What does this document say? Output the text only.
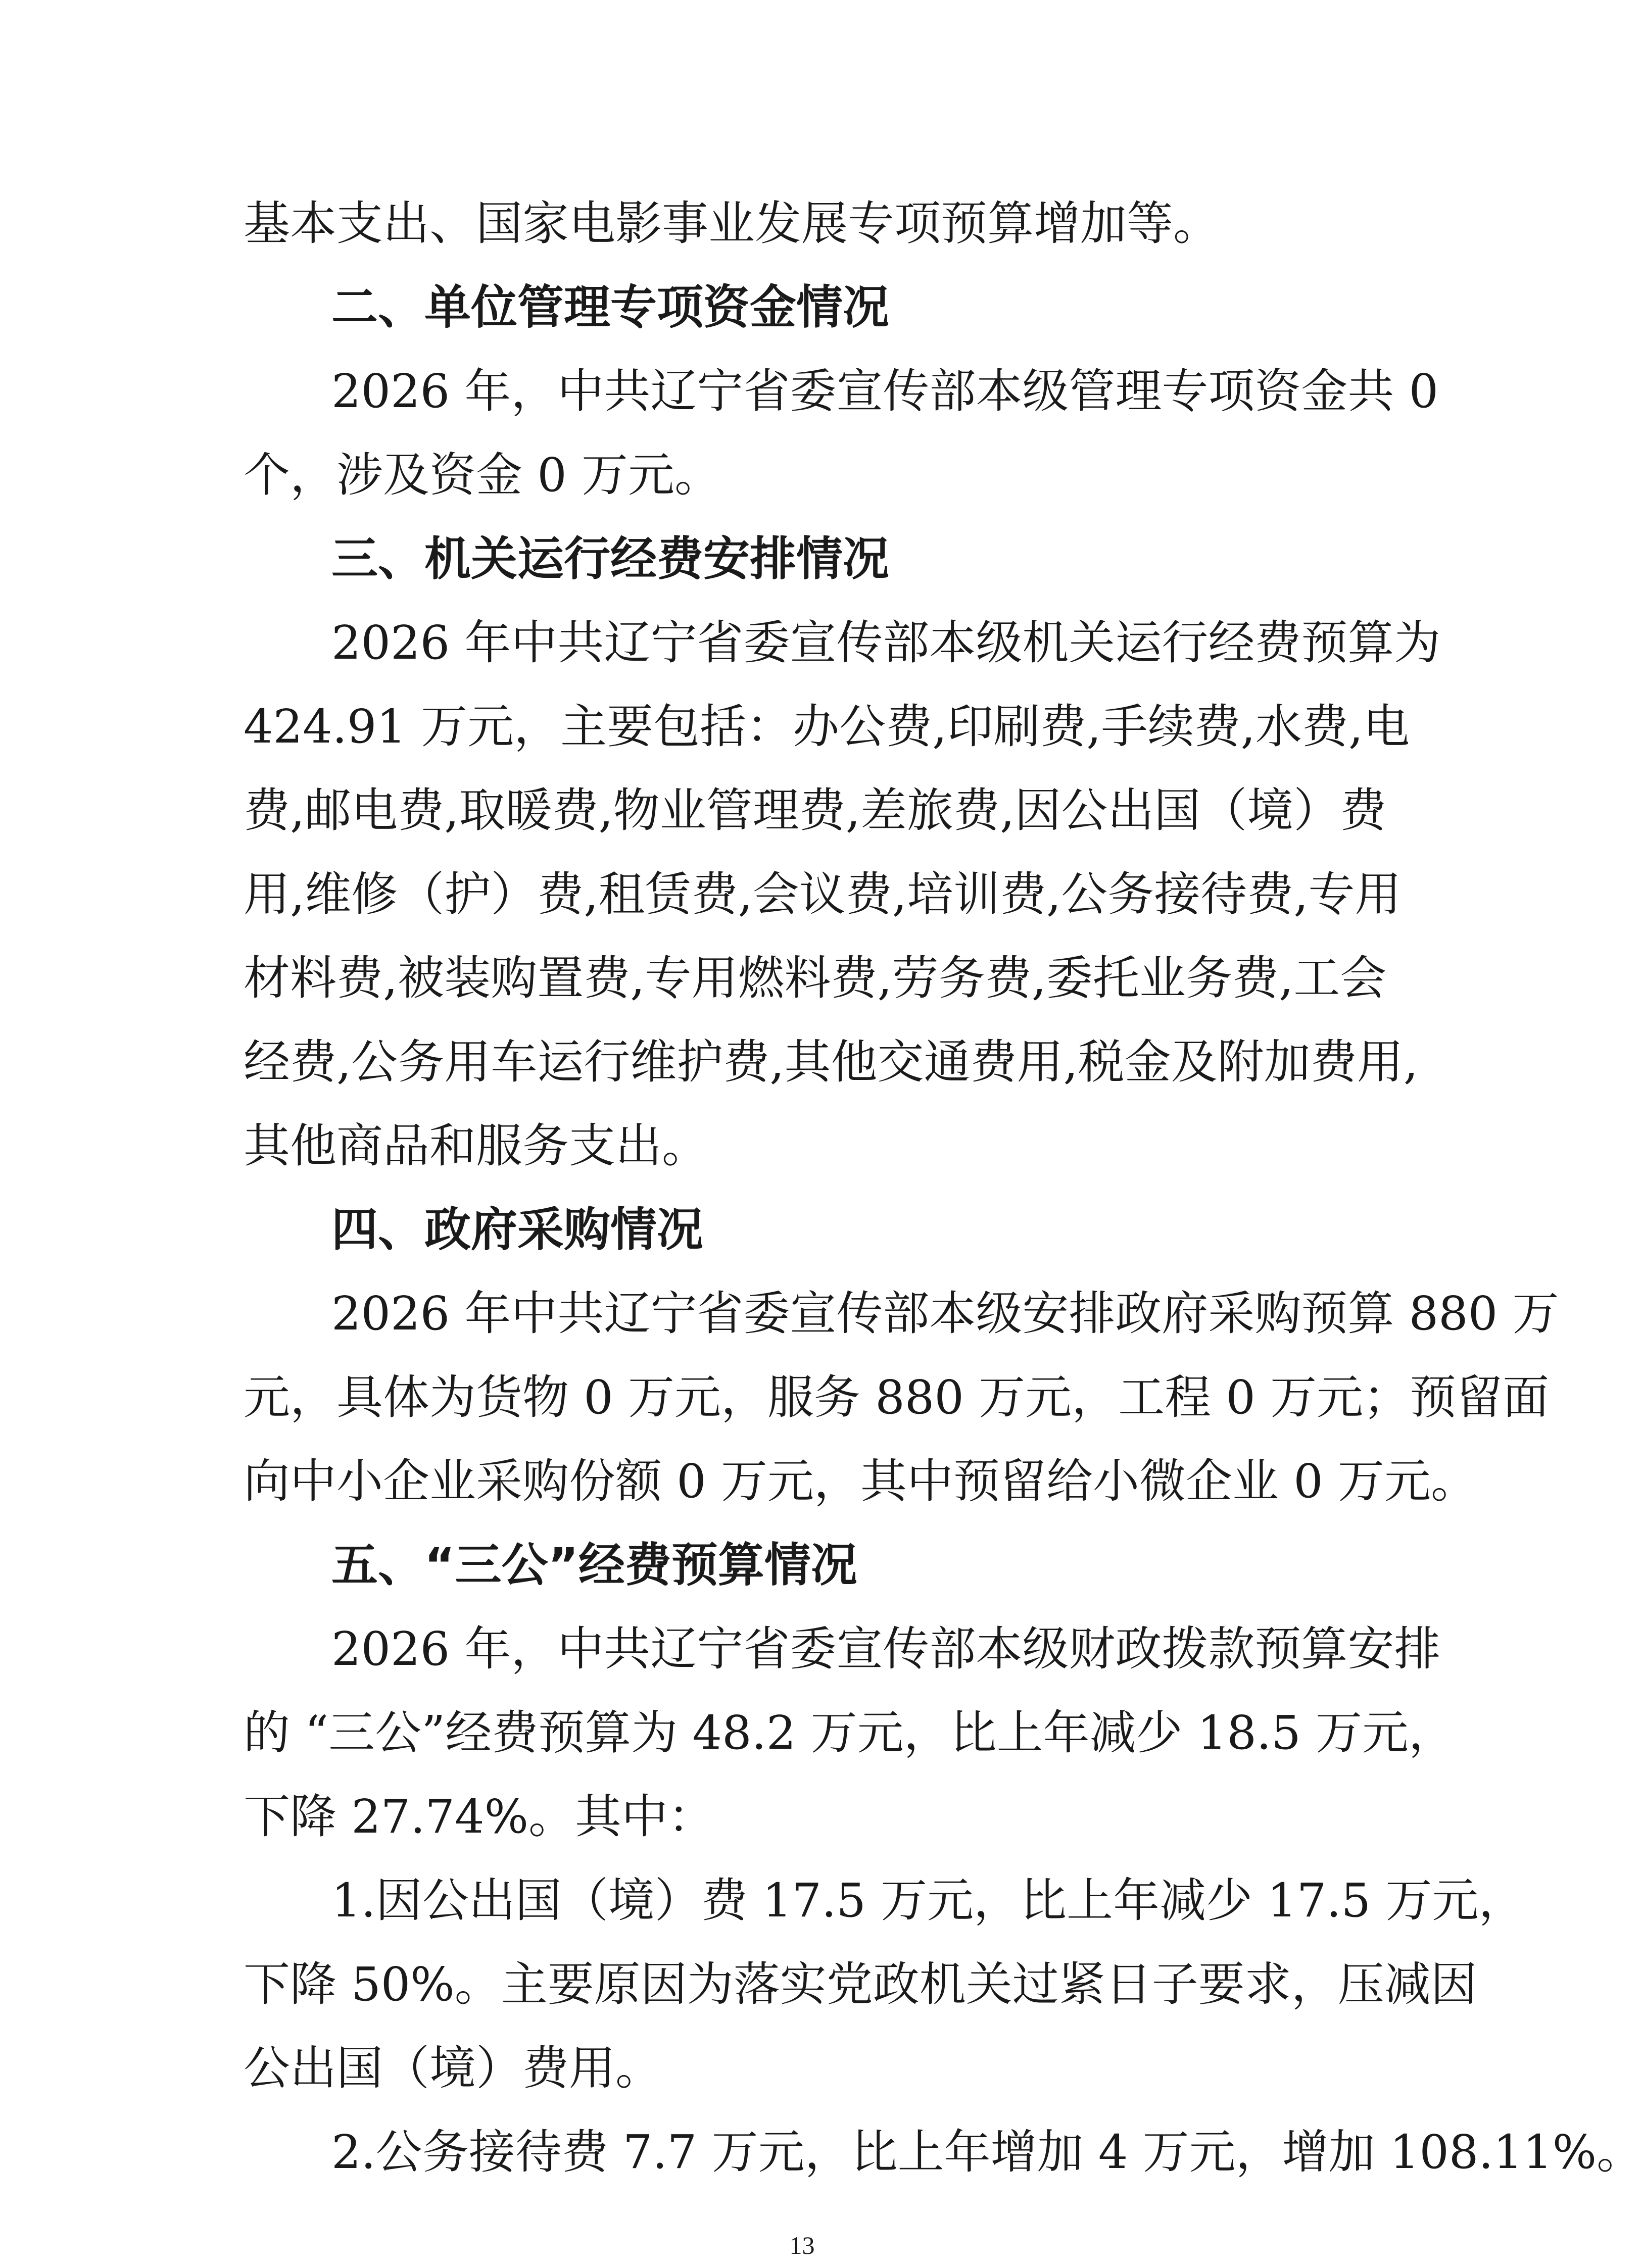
基本支出、国家电影事业发展专项预算增加等。
二、单位管理专项资金情况
2026 年，中共辽宁省委宣传部本级管理专项资金共 0
个，涉及资金 0 万元。
三、机关运行经费安排情况
2026 年中共辽宁省委宣传部本级机关运行经费预算为
424.91 万元，主要包括：办公费,印刷费,手续费,水费,电
费,邮电费,取暖费,物业管理费,差旅费,因公出国（境）费
用,维修（护）费,租赁费,会议费,培训费,公务接待费,专用
材料费,被装购置费,专用燃料费,劳务费,委托业务费,工会
经费,公务用车运行维护费,其他交通费用,税金及附加费用,
其他商品和服务支出。
四、政府采购情况
2026 年中共辽宁省委宣传部本级安排政府采购预算 880 万
元，具体为货物 0 万元，服务 880 万元，工程 0 万元；预留面
向中小企业采购份额 0 万元，其中预留给小微企业 0 万元。
五、“三公”经费预算情况
2026 年，中共辽宁省委宣传部本级财政拨款预算安排
的 “三公”经费预算为 48.2 万元，比上年减少 18.5 万元，
下降 27.74%。其中：
1.因公出国（境）费 17.5 万元，比上年减少 17.5 万元，
下降 50%。主要原因为落实党政机关过紧日子要求，压减因
公出国（境）费用。
2.公务接待费 7.7 万元，比上年增加 4 万元，增加 108.11%。
13
